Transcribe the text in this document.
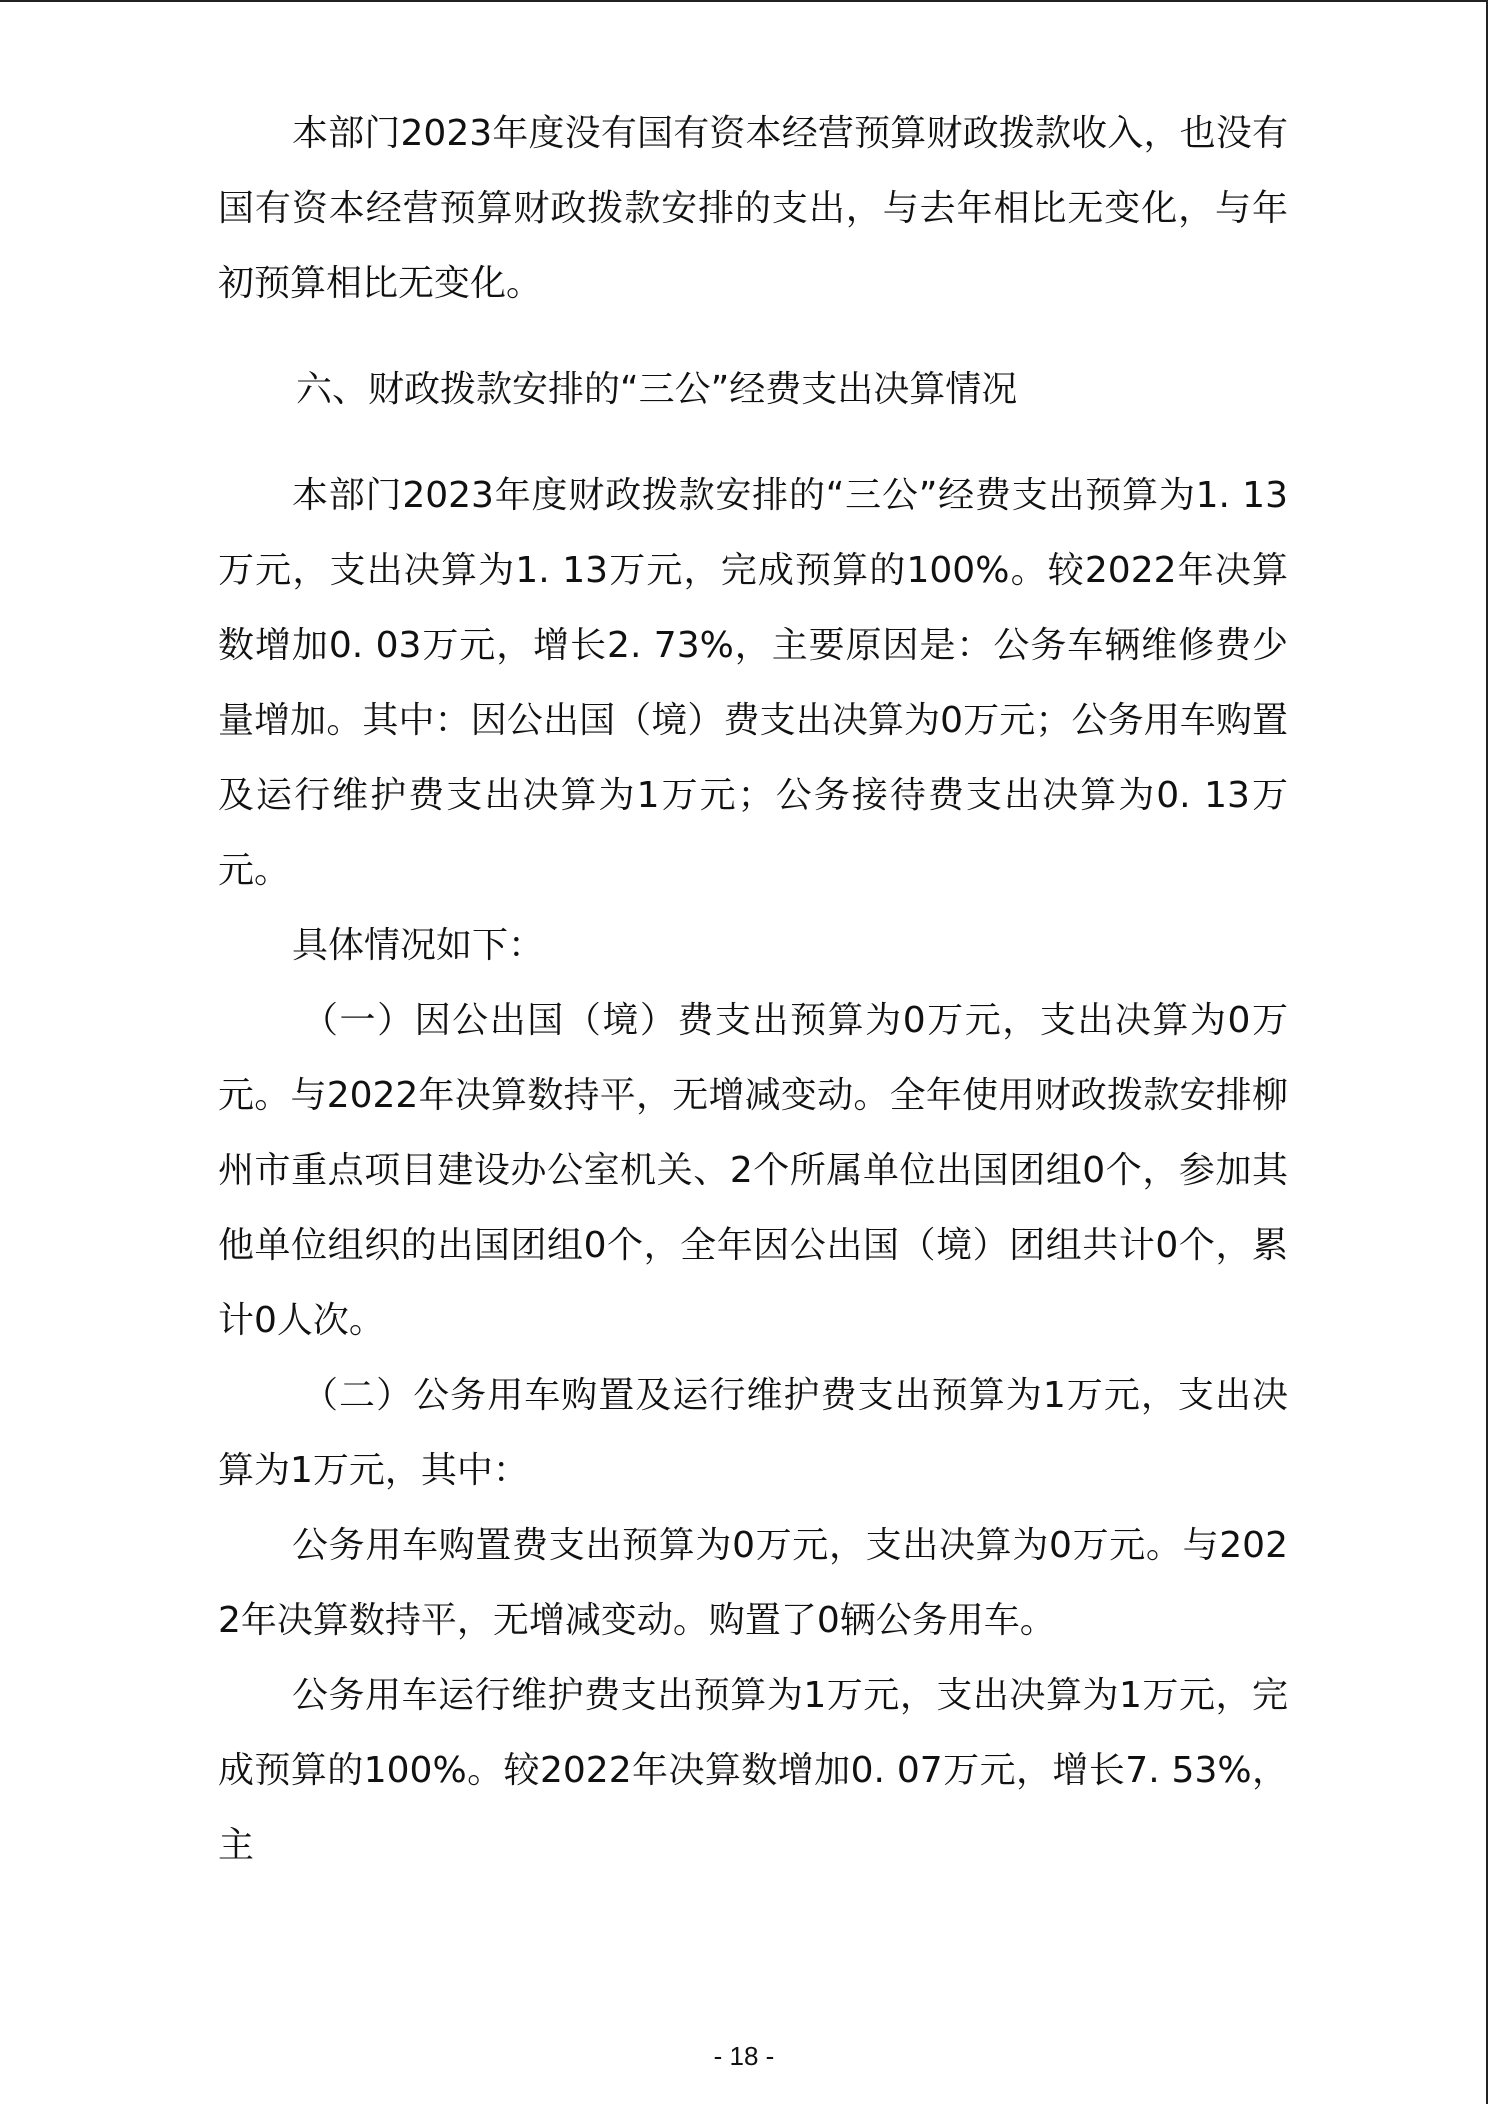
本部门2023年度没有国有资本经营预算财政拨款收入，也没有国有资本经营预算财政拨款安排的支出，与去年相比无变化，与年初预算相比无变化。

六、财政拨款安排的“三公”经费支出决算情况

本部门2023年度财政拨款安排的“三公”经费支出预算为1. 13万元，支出决算为1. 13万元，完成预算的100%。较2022年决算数增加0. 03万元，增长2. 73%，主要原因是：公务车辆维修费少量增加。其中：因公出国（境）费支出决算为0万元；公务用车购置及运行维护费支出决算为1万元；公务接待费支出决算为0. 13万元。

具体情况如下：

（一）因公出国（境）费支出预算为0万元，支出决算为0万元。与2022年决算数持平，无增减变动。全年使用财政拨款安排柳州市重点项目建设办公室机关、2个所属单位出国团组0个，参加其他单位组织的出国团组0个，全年因公出国（境）团组共计0个，累计0人次。

（二）公务用车购置及运行维护费支出预算为1万元，支出决算为1万元，其中：

公务用车购置费支出预算为0万元，支出决算为0万元。与2022年决算数持平，无增减变动。购置了0辆公务用车。

公务用车运行维护费支出预算为1万元，支出决算为1万元，完成预算的100%。较2022年决算数增加0. 07万元，增长7. 53%，主

- 18 -
